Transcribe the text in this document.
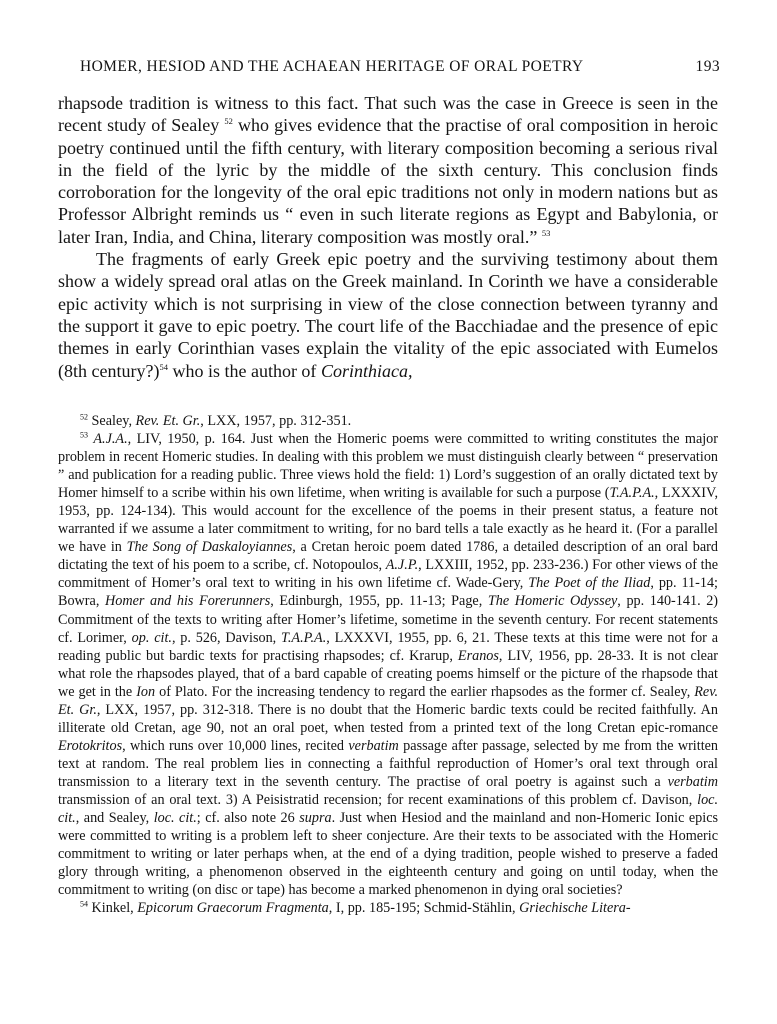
HOMER, HESIOD AND THE ACHAEAN HERITAGE OF ORAL POETRY	193

rhapsode tradition is witness to this fact. That such was the case in Greece is seen in the recent study of Sealey $^{52}$ who gives evidence that the practise of oral composition in heroic poetry continued until the fifth century, with literary composition becoming a serious rival in the field of the lyric by the middle of the sixth century. This conclusion finds corroboration for the longevity of the oral epic traditions not only in modern nations but as Professor Albright reminds us “ even in such literate regions as Egypt and Babylonia, or later Iran, India, and China, literary composition was mostly oral.” $^{53}$

The fragments of early Greek epic poetry and the surviving testimony about them show a widely spread oral atlas on the Greek mainland. In Corinth we have a considerable epic activity which is not surprising in view of the close connection between tyranny and the support it gave to epic poetry. The court life of the Bacchiadae and the presence of epic themes in early Corinthian vases explain the vitality of the epic associated with Eumelos (8th century?)$^{54}$ who is the author of Corinthiaca,

$^{52}$ Sealey, Rev. Et. Gr., LXX, 1957, pp. 312-351.

$^{53}$ A.J.A., LIV, 1950, p. 164. Just when the Homeric poems were committed to writing constitutes the major problem in recent Homeric studies. In dealing with this problem we must distinguish clearly between “ preservation ” and publication for a reading public. Three views hold the field: 1) Lord’s suggestion of an orally dictated text by Homer himself to a scribe within his own lifetime, when writing is available for such a purpose (T.A.P.A., LXXXIV, 1953, pp. 124-134). This would account for the excellence of the poems in their present status, a feature not warranted if we assume a later commitment to writing, for no bard tells a tale exactly as he heard it. (For a parallel we have in The Song of Daskaloyiannes, a Cretan heroic poem dated 1786, a detailed description of an oral bard dictating the text of his poem to a scribe, cf. Notopoulos, A.J.P., LXXIII, 1952, pp. 233-236.) For other views of the commitment of Homer’s oral text to writing in his own lifetime cf. Wade-Gery, The Poet of the Iliad, pp. 11-14; Bowra, Homer and his Forerunners, Edinburgh, 1955, pp. 11-13; Page, The Homeric Odyssey, pp. 140-141. 2) Commitment of the texts to writing after Homer’s lifetime, sometime in the seventh century. For recent statements cf. Lorimer, op. cit., p. 526, Davison, T.A.P.A., LXXXVI, 1955, pp. 6, 21. These texts at this time were not for a reading public but bardic texts for practising rhapsodes; cf. Krarup, Eranos, LIV, 1956, pp. 28-33. It is not clear what role the rhapsodes played, that of a bard capable of creating poems himself or the picture of the rhapsode that we get in the Ion of Plato. For the increasing tendency to regard the earlier rhapsodes as the former cf. Sealey, Rev. Et. Gr., LXX, 1957, pp. 312-318. There is no doubt that the Homeric bardic texts could be recited faithfully. An illiterate old Cretan, age 90, not an oral poet, when tested from a printed text of the long Cretan epic-romance Erotokritos, which runs over 10,000 lines, recited verbatim passage after passage, selected by me from the written text at random. The real problem lies in connecting a faithful reproduction of Homer’s oral text through oral transmission to a literary text in the seventh century. The practise of oral poetry is against such a verbatim transmission of an oral text. 3) A Peisistratid recension; for recent examinations of this problem cf. Davison, loc. cit., and Sealey, loc. cit.; cf. also note 26 supra. Just when Hesiod and the mainland and non-Homeric Ionic epics were committed to writing is a problem left to sheer conjecture. Are their texts to be associated with the Homeric commitment to writing or later perhaps when, at the end of a dying tradition, people wished to preserve a faded glory through writing, a phenomenon observed in the eighteenth century and going on until today, when the commitment to writing (on disc or tape) has become a marked phenomenon in dying oral societies?

$^{54}$ Kinkel, Epicorum Graecorum Fragmenta, I, pp. 185-195; Schmid-Stählin, Griechische Litera-
